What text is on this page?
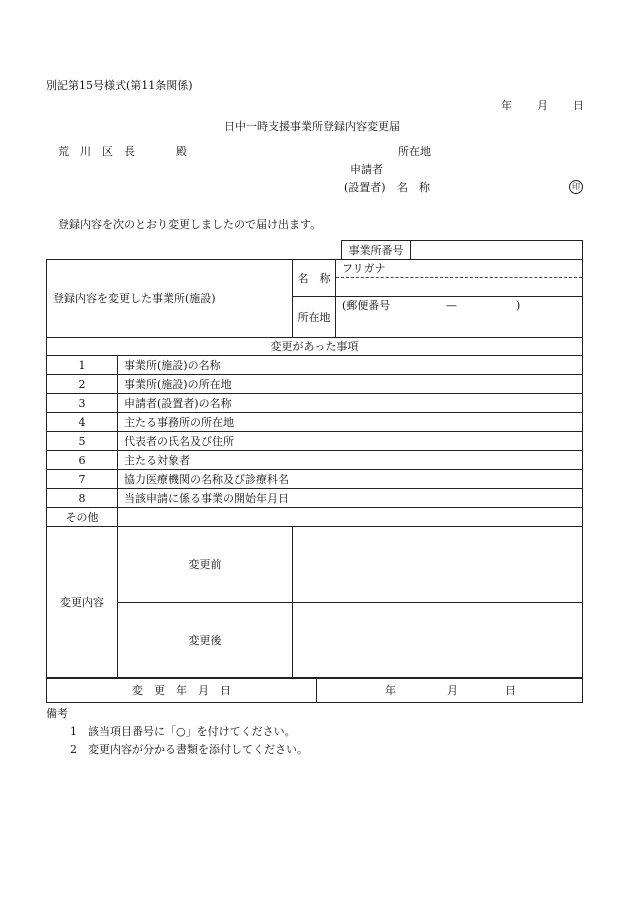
別記第15号様式(第11条関係)
年 月 日
日中一時支援事業所登録内容変更届
荒　川　区　長	殿	所在地
申請者
(設置者) 名　称	印
登録内容を次のとおり変更しましたので届け出ます。
事業所番号	
登録内容を変更した事業所(施設)	名　称	フリガナ

	所在地	(郵便番号 — )
変更があった事項		
1	事業所(施設)の名称	
2	事業所(施設)の所在地	
3	申請者(設置者)の名称	
4	主たる事務所の所在地	
5	代表者の氏名及び住所	
6	主たる対象者	
7	協力医療機関の名称及び診療科名	
8	当該申請に係る事業の開始年月日	
その他		
変更内容	変更前	
	変更後	
変　更　年　月　日	年	月	日
備考
1　該当項目番号に「○」を付けてください。
2　変更内容が分かる書類を添付してください。
